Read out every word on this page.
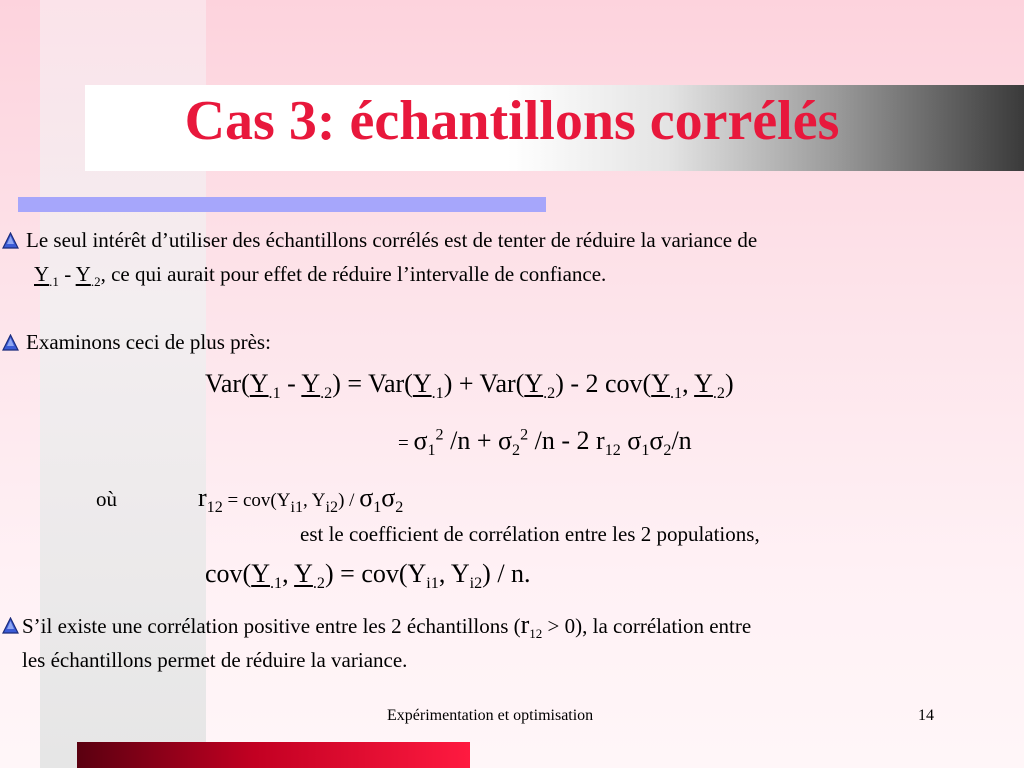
Cas 3: échantillons corrélés
Le seul intérêt d’utiliser des échantillons corrélés est de tenter de réduire la variance de
$Y_{.1} - Y_{.2}$, ce qui aurait pour effet de réduire l’intervalle de confiance.
Examinons ceci de plus près:
$Var(Y_{.1} - Y_{.2}) = Var(Y_{.1}) + Var(Y_{.2}) - 2$ $cov(Y_{.1}$, $Y_{.2}$)
= $\sigma_1^2$ $/n + \sigma_2^2$ /n - 2 $r_{12}$ $\sigma_1\sigma_2/n$
où	$r_{12} = cov(Y_{i1}$, $Y_{i2}) / \sigma_1\sigma_2$
est le coefficient de corrélation entre les 2 populations,
$cov(Y_{.1}$, $Y_{.2}) = cov(Y_{i1}$, $Y_{i2}$) / n.
S’il existe une corrélation positive entre les 2 échantillons $(r_{12} > 0)$, la corrélation entre
les échantillons permet de réduire la variance.
Expérimentation et optimisation	14
